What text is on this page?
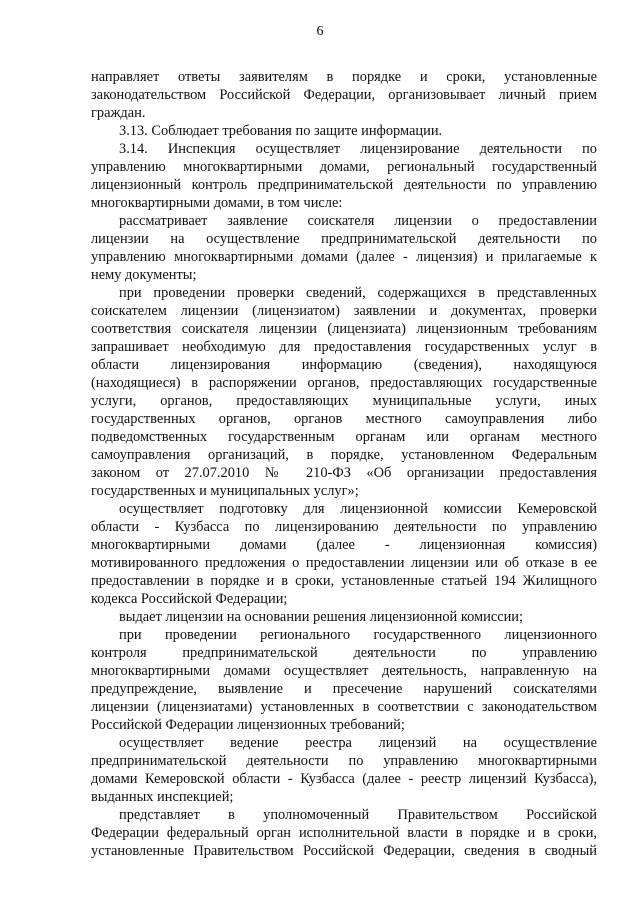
6
направляет ответы заявителям в порядке и сроки, установленные
законодательством Российской Федерации, организовывает личный прием
граждан.
3.13. Соблюдает требования по защите информации.
3.14. Инспекция осуществляет лицензирование деятельности по
управлению многоквартирными домами, региональный государственный
лицензионный контроль предпринимательской деятельности по управлению
многоквартирными домами, в том числе:
рассматривает заявление соискателя лицензии о предоставлении
лицензии на осуществление предпринимательской деятельности по
управлению многоквартирными домами (далее - лицензия) и прилагаемые к
нему документы;
при проведении проверки сведений, содержащихся в представленных
соискателем лицензии (лицензиатом) заявлении и документах, проверки
соответствия соискателя лицензии (лицензиата) лицензионным требованиям
запрашивает необходимую для предоставления государственных услуг в
области лицензирования информацию (сведения), находящуюся
(находящиеся) в распоряжении органов, предоставляющих государственные
услуги, органов, предоставляющих муниципальные услуги, иных
государственных органов, органов местного самоуправления либо
подведомственных государственным органам или органам местного
самоуправления организаций, в порядке, установленном Федеральным
законом от 27.07.2010 № 210-ФЗ «Об организации предоставления
государственных и муниципальных услуг»;
осуществляет подготовку для лицензионной комиссии Кемеровской
области - Кузбасса по лицензированию деятельности по управлению
многоквартирными домами (далее - лицензионная комиссия)
мотивированного предложения о предоставлении лицензии или об отказе в ее
предоставлении в порядке и в сроки, установленные статьей 194 Жилищного
кодекса Российской Федерации;
выдает лицензии на основании решения лицензионной комиссии;
при проведении регионального государственного лицензионного
контроля предпринимательской деятельности по управлению
многоквартирными домами осуществляет деятельность, направленную на
предупреждение, выявление и пресечение нарушений соискателями
лицензии (лицензиатами) установленных в соответствии с законодательством
Российской Федерации лицензионных требований;
осуществляет ведение реестра лицензий на осуществление
предпринимательской деятельности по управлению многоквартирными
домами Кемеровской области - Кузбасса (далее - реестр лицензий Кузбасса),
выданных инспекцией;
представляет в уполномоченный Правительством Российской
Федерации федеральный орган исполнительной власти в порядке и в сроки,
установленные Правительством Российской Федерации, сведения в сводный
